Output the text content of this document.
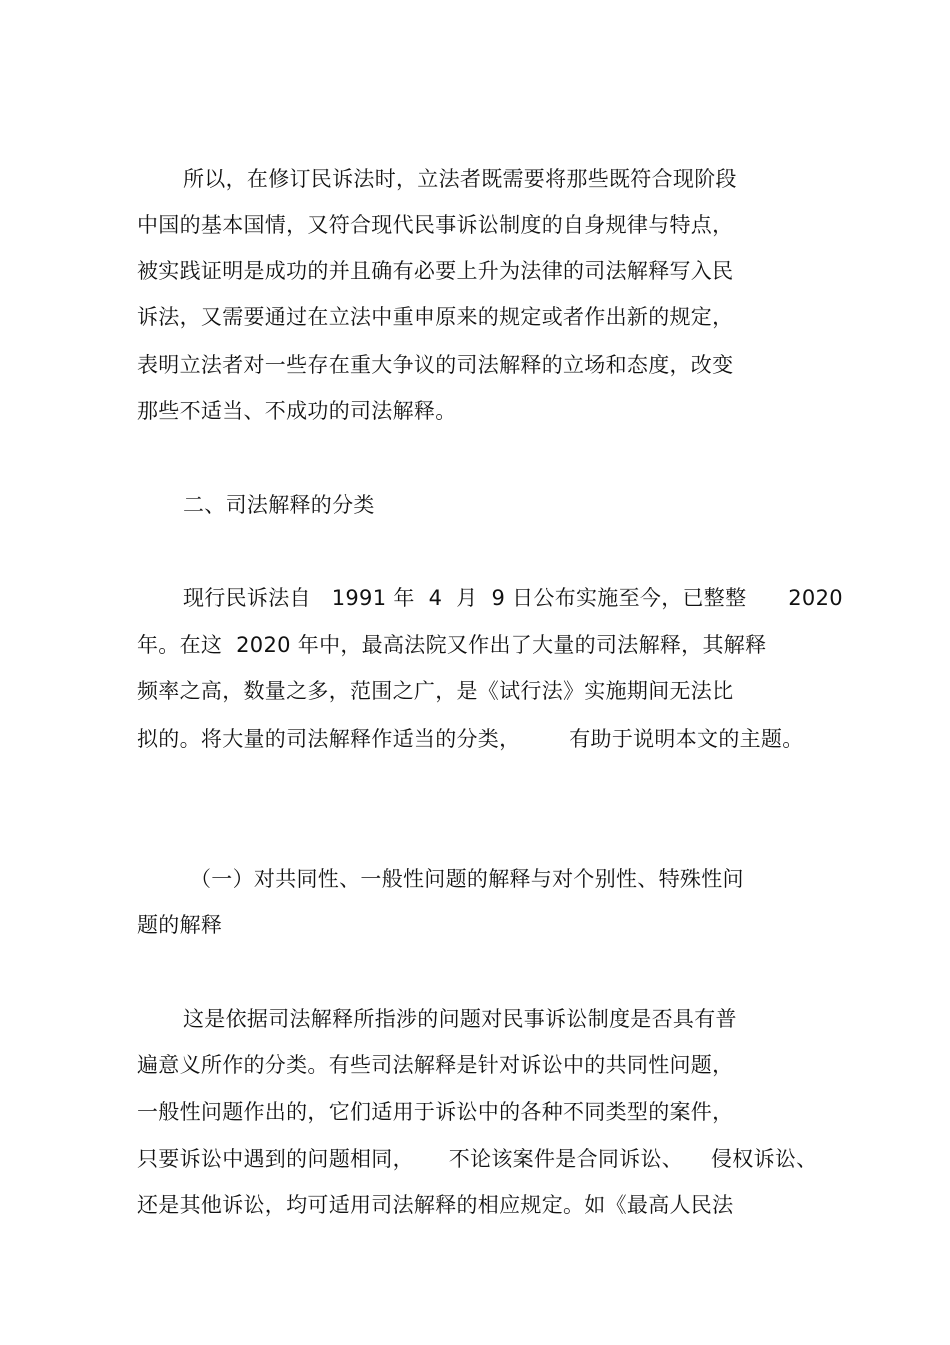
所以，在修订民诉法时，立法者既需要将那些既符合现阶段
中国的基本国情，又符合现代民事诉讼制度的自身规律与特点，
被实践证明是成功的并且确有必要上升为法律的司法解释写入民
诉法，又需要通过在立法中重申原来的规定或者作出新的规定，
表明立法者对一些存在重大争议的司法解释的立场和态度，改变
那些不适当、不成功的司法解释。
二、司法解释的分类
现行民诉法自   1991 年  4  月  9 日公布实施至今，已整整      2020
年。在这  2020 年中，最高法院又作出了大量的司法解释，其解释
频率之高，数量之多，范围之广，是《试行法》实施期间无法比
拟的。将大量的司法解释作适当的分类，       有助于说明本文的主题。
（一）对共同性、一般性问题的解释与对个别性、特殊性问
题的解释
这是依据司法解释所指涉的问题对民事诉讼制度是否具有普
遍意义所作的分类。有些司法解释是针对诉讼中的共同性问题，
一般性问题作出的，它们适用于诉讼中的各种不同类型的案件，
只要诉讼中遇到的问题相同，     不论该案件是合同诉讼、    侵权诉讼、
还是其他诉讼，均可适用司法解释的相应规定。如《最高人民法
